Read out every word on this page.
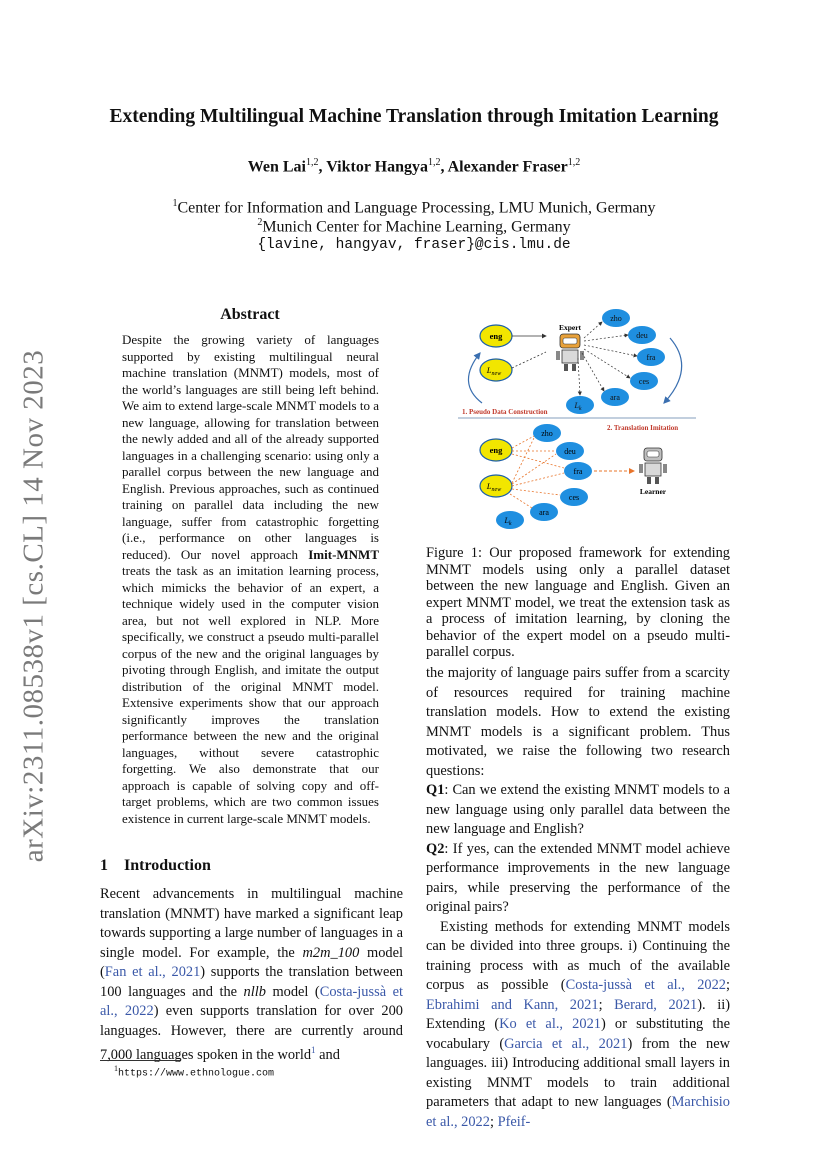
arXiv:2311.08538v1 [cs.CL] 14 Nov 2023
Extending Multilingual Machine Translation through Imitation Learning
Wen Lai$^{1,2}$, Viktor Hangya$^{1,2}$, Alexander Fraser$^{1,2}$
$^1$Center for Information and Language Processing, LMU Munich, Germany
$^2$Munich Center for Machine Learning, Germany
{lavine, hangyav, fraser}@cis.lmu.de
Abstract
Despite the growing variety of languages supported by existing multilingual neural machine translation (MNMT) models, most of the world’s languages are still being left behind. We aim to extend large-scale MNMT models to a new language, allowing for translation between the newly added and all of the already supported languages in a challenging scenario: using only a parallel corpus between the new language and English. Previous approaches, such as continued training on parallel data including the new language, suffer from catastrophic forgetting (i.e., performance on other languages is reduced). Our novel approach Imit-MNMT treats the task as an imitation learning process, which mimicks the behavior of an expert, a technique widely used in the computer vision area, but not well explored in NLP. More specifically, we construct a pseudo multi-parallel corpus of the new and the original languages by pivoting through English, and imitate the output distribution of the original MNMT model. Extensive experiments show that our approach significantly improves the translation performance between the new and the original languages, without severe catastrophic forgetting. We also demonstrate that our approach is capable of solving copy and off-target problems, which are two common issues existence in current large-scale MNMT models.
1 Introduction
Recent advancements in multilingual machine translation (MNMT) have marked a significant leap towards supporting a large number of languages in a single model. For example, the m2m_100 model (Fan et al., 2021) supports the translation between 100 languages and the nllb model (Costa-jussà et al., 2022) even supports translation for over 200 languages. However, there are currently around 7,000 languages spoken in the world$^1$ and
$^1$https://www.ethnologue.com
eng
$L_{new}$
Expert
zho
deu
fra
ces
ara
$L_k$
1. Pseudo Data Construction
2. Translation Imitation
eng
$L_{new}$
zho
deu
fra
ces
ara
$L_k$
Learner
Figure 1: Our proposed framework for extending MNMT models using only a parallel dataset between the new language and English. Given an expert MNMT model, we treat the extension task as a process of imitation learning, by cloning the behavior of the expert model on a pseudo multi-parallel corpus.

the majority of language pairs suffer from a scarcity of resources required for training machine translation models. How to extend the existing MNMT models is a significant problem. Thus motivated, we raise the following two research questions:

Q1: Can we extend the existing MNMT models to a new language using only parallel data between the new language and English?

Q2: If yes, can the extended MNMT model achieve performance improvements in the new language pairs, while preserving the performance of the original pairs?

Existing methods for extending MNMT models can be divided into three groups. i) Continuing the training process with as much of the available corpus as possible (Costa-jussà et al., 2022; Ebrahimi and Kann, 2021; Berard, 2021). ii) Extending (Ko et al., 2021) or substituting the vocabulary (Garcia et al., 2021) from the new languages. iii) Introducing additional small layers in existing MNMT models to train additional parameters that adapt to new languages (Marchisio et al., 2022; Pfeif-
